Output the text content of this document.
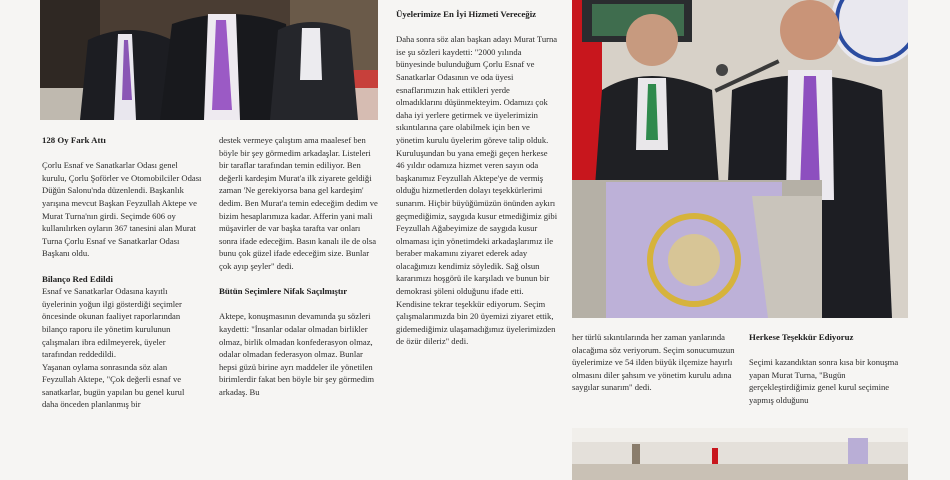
128 Oy Fark Attı

Çorlu Esnaf ve Sanatkarlar Odası genel kurulu, Çorlu Şoförler ve Otomobilciler Odası Düğün Salonu'nda düzenlendi. Başkanlık yarışına mevcut Başkan Feyzullah Aktepe ve Murat Turna'nın girdi. Seçimde 606 oy kullanılırken oyların 367 tanesini alan Murat Turna Çorlu Esnaf ve Sanatkarlar Odası Başkanı oldu.

Bilanço Red Edildi

Esnaf ve Sanatkarlar Odasına kayıtlı üyelerinin yoğun ilgi gösterdiği seçimler öncesinde okunan faaliyet raporlarından bilanço raporu ile yönetim kurulunun çalışmaları ibra edilmeyerek, üyeler tarafından reddedildi.

Yaşanan oylama sonrasında söz alan Feyzullah Aktepe, "Çok değerli esnaf ve sanatkarlar, bugün yapılan bu genel kurul daha önceden planlanmış bir

destek vermeye çalıştım ama maalesef ben böyle bir şey görmedim arkadaşlar. Listeleri bir taraflar tarafından temin ediliyor. Ben değerli kardeşim Murat'a ilk ziyarete geldiği zaman 'Ne gerekiyorsa bana gel kardeşim' dedim. Ben Murat'a temin edeceğim dedim ve bizim hesaplarımıza kadar. Afferin yani mali müşavirler de var başka tarafta var onları sonra ifade edeceğim. Basın kanalı ile de olsa bunu çok güzel ifade edeceğim size. Bunlar çok ayıp şeyler" dedi.

Bütün Seçimlere Nifak Saçılmıştır

Aktepe, konuşmasının devamında şu sözleri kaydetti: "İnsanlar odalar olmadan birlikler olmaz, birlik olmadan konfederasyon olmaz, odalar olmadan federasyon olmaz. Bunlar hepsi güzü birine ayrı maddeler ile yönetilen birimlerdir fakat ben böyle bir şey görmedim arkadaş. Bu

Üyelerimize En İyi Hizmeti Vereceğiz

Daha sonra söz alan başkan adayı Murat Turna ise şu sözleri kaydetti: "2000 yılında bünyesinde bulunduğum Çorlu Esnaf ve Sanatkarlar Odasının ve oda üyesi esnaflarımızın hak ettikleri yerde olmadıklarını düşünmekteyim. Odamızı çok daha iyi yerlere getirmek ve üyelerimizin sıkıntılarına çare olabilmek için ben ve yönetim kurulu üyelerim göreve talip olduk. Kuruluşundan bu yana emeği geçen herkese 46 yıldır odamıza hizmet veren sayın oda başkanımız Feyzullah Aktepe'ye de vermiş olduğu hizmetlerden dolayı teşekkürlerimi sunarım. Hiçbir büyüğümüzün önünden aykırı geçmediğimiz, saygıda kusur etmediğimiz gibi Feyzullah Ağabeyimize de saygıda kusur olmaması için yönetimdeki arkadaşlarımız ile beraber makamını ziyaret ederek aday olacağımızı kendimiz söyledik. Sağ olsun kararımızı hoşgörü ile karşıladı ve bunun bir demokrasi şöleni olduğunu ifade etti. Kendisine tekrar teşekkür ediyorum. Seçim çalışmalarımızda bin 20 üyemizi ziyaret ettik, gidemediğimiz ulaşamadığımız üyelerimizden de özür dileriz" dedi.	her türlü sıkıntılarında her zaman yanlarında olacağıma söz veriyorum. Seçim sonucumuzun üyelerimize ve 54 ilden büyük ilçemize hayırlı olmasını diler şahsım ve yönetim kurulu adına saygılar sunarım" dedi.

Herkese Teşekkür Ediyoruz

Seçimi kazandıktan sonra kısa bir konuşma yapan Murat Turna, "Bugün gerçekleştirdiğimiz genel kurul seçimine yapmış olduğunu
